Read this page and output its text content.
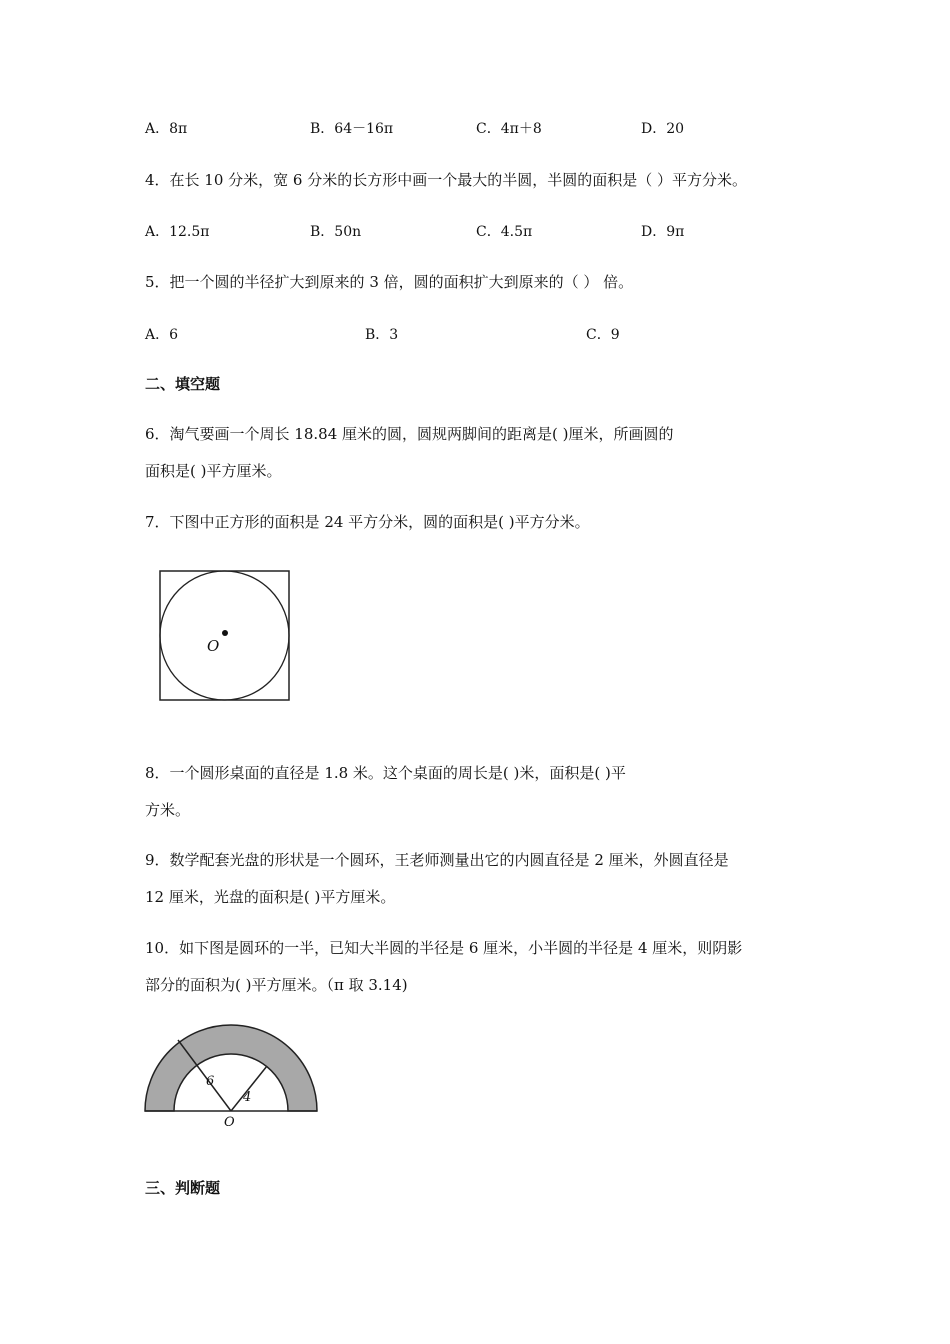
A．8π	B．64－16π	C．4π＋8	D．20
4．在长 10 分米，宽 6 分米的长方形中画一个最大的半圆，半圆的面积是（ ）平方分米。
A．12.5π	B．50n	C．4.5π	D．9π
5．把一个圆的半径扩大到原来的 3 倍，圆的面积扩大到原来的（ ） 倍。
A．6	B．3	C．9
二、填空题
6．淘气要画一个周长 18.84 厘米的圆，圆规两脚间的距离是( )厘米，所画圆的
面积是( )平方厘米。
7．下图中正方形的面积是 24 平方分米，圆的面积是( )平方分米。
O
8．一个圆形桌面的直径是 1.8 米。这个桌面的周长是( )米，面积是( )平
方米。
9．数学配套光盘的形状是一个圆环，王老师测量出它的内圆直径是 2 厘米，外圆直径是
12 厘米，光盘的面积是( )平方厘米。
10．如下图是圆环的一半，已知大半圆的半径是 6 厘米，小半圆的半径是 4 厘米，则阴影
部分的面积为( )平方厘米。（π 取 3.14)
6
4
O
三、判断题
